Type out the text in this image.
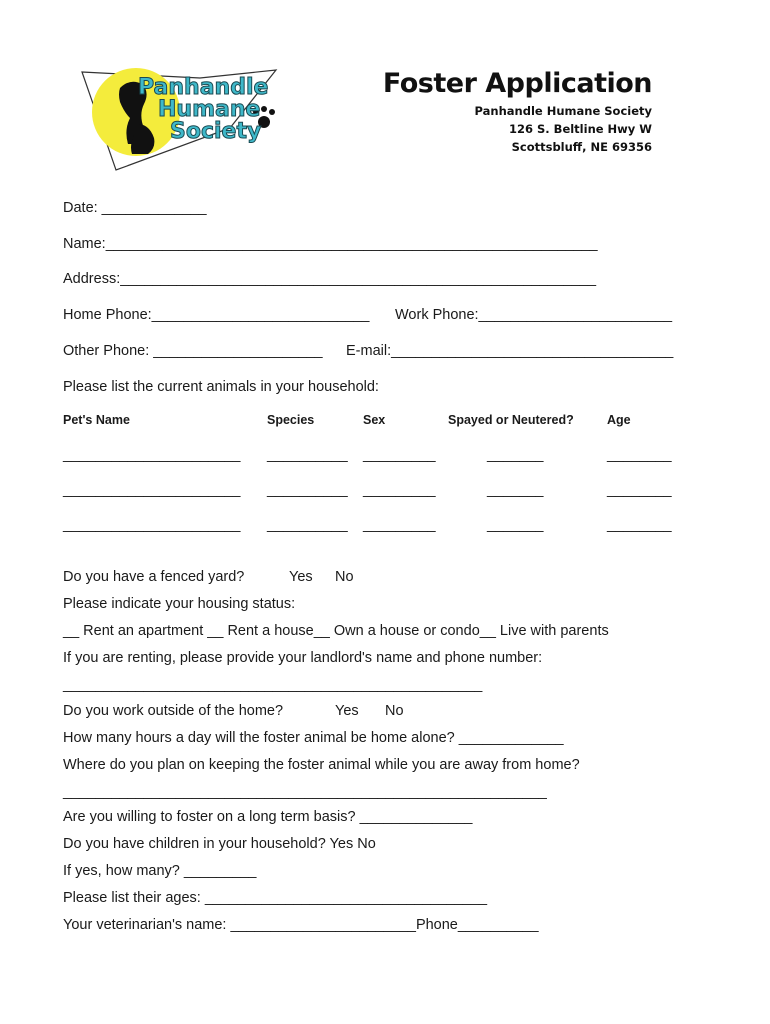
Panhandle
Humane
Society
Foster Application
Panhandle Humane Society
126 S. Beltline Hwy W
Scottsbluff, NE 69356
Date: _____________
Name:_____________________________________________________________
Address:___________________________________________________________
Home Phone:___________________________ Work Phone:________________________
Other Phone: _____________________ E-mail:___________________________________
Please list the current animals in your household:
Pet's Name	Species	Sex	Spayed or Neutered?	Age
______________________ __________ _________	_______	________
______________________ __________ _________	_______	________
______________________ __________ _________	_______	________
Do you have a fenced yard?	Yes No
Please indicate your housing status:
__ Rent an apartment __ Rent a house__ Own a house or condo__ Live with parents
If you are renting, please provide your landlord's name and phone number:
____________________________________________________
Do you work outside of the home?	Yes No
How many hours a day will the foster animal be home alone? _____________
Where do you plan on keeping the foster animal while you are away from home?
____________________________________________________________
Are you willing to foster on a long term basis? ______________
Do you have children in your household? Yes No
If yes, how many? _________
Please list their ages: ___________________________________
Your veterinarian's name: _______________________Phone__________
